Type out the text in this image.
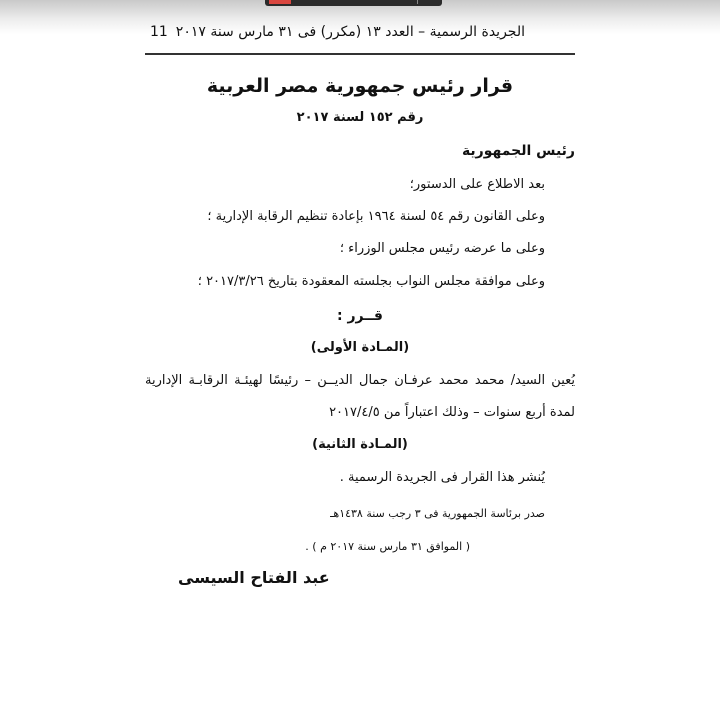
الجريدة الرسمية – العدد ١٣ (مكرر) فى ٣١ مارس سنة ٢٠١٧
11
قرار رئيس جمهورية مصر العربية
رقم ١٥٢ لسنة ٢٠١٧
رئيس الجمهورية
بعد الاطلاع على الدستور؛
وعلى القانون رقم ٥٤ لسنة ١٩٦٤ بإعادة تنظيم الرقابة الإدارية ؛
وعلى ما عرضه رئيس مجلس الوزراء ؛
وعلى موافقة مجلس النواب بجلسته المعقودة بتاريخ ٢٠١٧/٣/٢٦ ؛
قــرر :
(المـادة الأولى)
يُعين السيد/ محمد محمد عرفـان جمال الديــن – رئيسًا لهيئـة الرقابـة الإدارية
لمدة أربع سنوات – وذلك اعتباراً من ٢٠١٧/٤/٥
(المـادة الثانية)
يُنشر هذا القرار فى الجريدة الرسمية .
صدر برئاسة الجمهورية فى ٣ رجب سنة ١٤٣٨هـ
( الموافق ٣١ مارس سنة ٢٠١٧ م ) .
عبد الفتاح السيسى
